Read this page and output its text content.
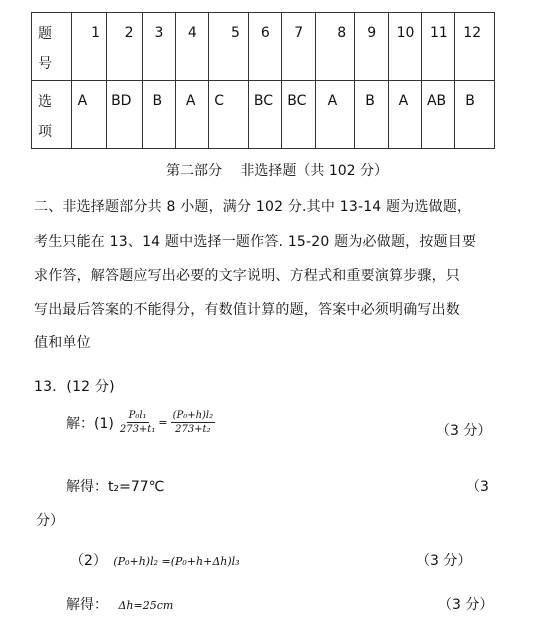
题
号	1	2	3	4	5	6	7	8	9	10	11	12

选
项	A	BD	B	A	C	BC	BC	A	B	A	AB	B
第二部分　 非选择题（共 102 分）
二、非选择题部分共 8 小题，满分 102 分.其中 13-14 题为选做题，
考生只能在 13、14 题中选择一题作答. 15-20 题为必做题，按题目要
求作答，解答题应写出必要的文字说明、方程式和重要演算步骤，只
写出最后答案的不能得分，有数值计算的题，答案中必须明确写出数
值和单位
13．(12 分)
解：$(1) \frac{\text{P₀l₁}}{\text{273+t₁}} = \frac{\text{(P₀+h)l₂}}{\text{273+t₂}}$	（3 分）
解得：t₂=77℃	（3
分）
（2） (P₀+h)l₂ =(P₀+h+Δh)l₃	（3 分）
解得： Δh=25cm	（3 分）
